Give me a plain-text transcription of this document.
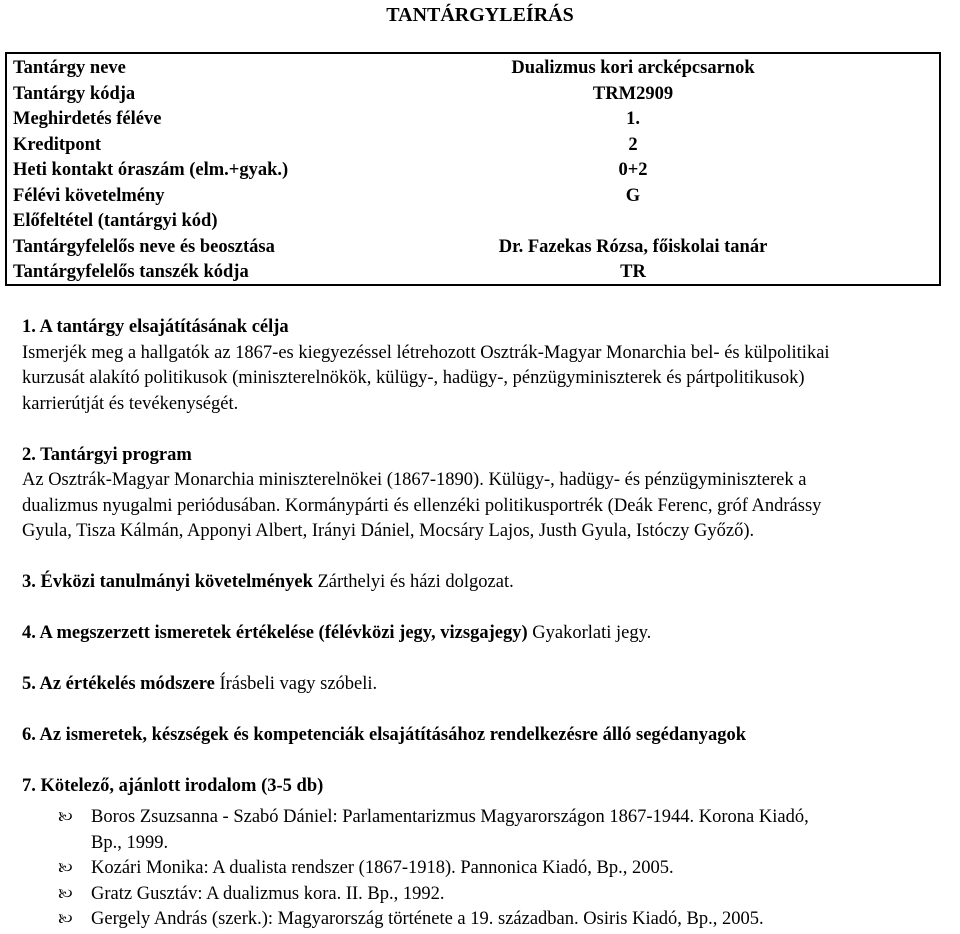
TANTÁRGYLEÍRÁS
Tantárgy neve	Dualizmus kori arcképcsarnok
Tantárgy kódja	TRM2909
Meghirdetés féléve	1.
Kreditpont	2
Heti kontakt óraszám (elm.+gyak.)	0+2
Félévi követelmény	G
Előfeltétel (tantárgyi kód)
Tantárgyfelelős neve és beosztása	Dr. Fazekas Rózsa, főiskolai tanár
Tantárgyfelelős tanszék kódja	TR

1. A tantárgy elsajátításának célja

Ismerjék meg a hallgatók az 1867-es kiegyezéssel létrehozott Osztrák-Magyar Monarchia bel- és külpolitikai

kurzusát alakító politikusok (miniszterelnökök, külügy-, hadügy-, pénzügyminiszterek és pártpolitikusok)

karrierútját és tevékenységét.

2. Tantárgyi program

Az Osztrák-Magyar Monarchia miniszterelnökei (1867-1890). Külügy-, hadügy- és pénzügyminiszterek a

dualizmus nyugalmi periódusában. Kormánypárti és ellenzéki politikusportrék (Deák Ferenc, gróf Andrássy

Gyula, Tisza Kálmán, Apponyi Albert, Irányi Dániel, Mocsáry Lajos, Justh Gyula, Istóczy Győző).

3. Évközi tanulmányi követelmények Zárthelyi és házi dolgozat.

4. A megszerzett ismeretek értékelése (félévközi jegy, vizsgajegy) Gyakorlati jegy.

5. Az értékelés módszere Írásbeli vagy szóbeli.

6. Az ismeretek, készségek és kompetenciák elsajátításához rendelkezésre álló segédanyagok

7. Kötelező, ajánlott irodalom (3-5 db)

🙠 Boros Zsuzsanna - Szabó Dániel: Parlamentarizmus Magyarországon 1867-1944. Korona Kiadó,
Bp., 1999.
🙠 Kozári Monika: A dualista rendszer (1867-1918). Pannonica Kiadó, Bp., 2005.
🙠 Gratz Gusztáv: A dualizmus kora. II. Bp., 1992.
🙠 Gergely András (szerk.): Magyarország története a 19. században. Osiris Kiadó, Bp., 2005.
